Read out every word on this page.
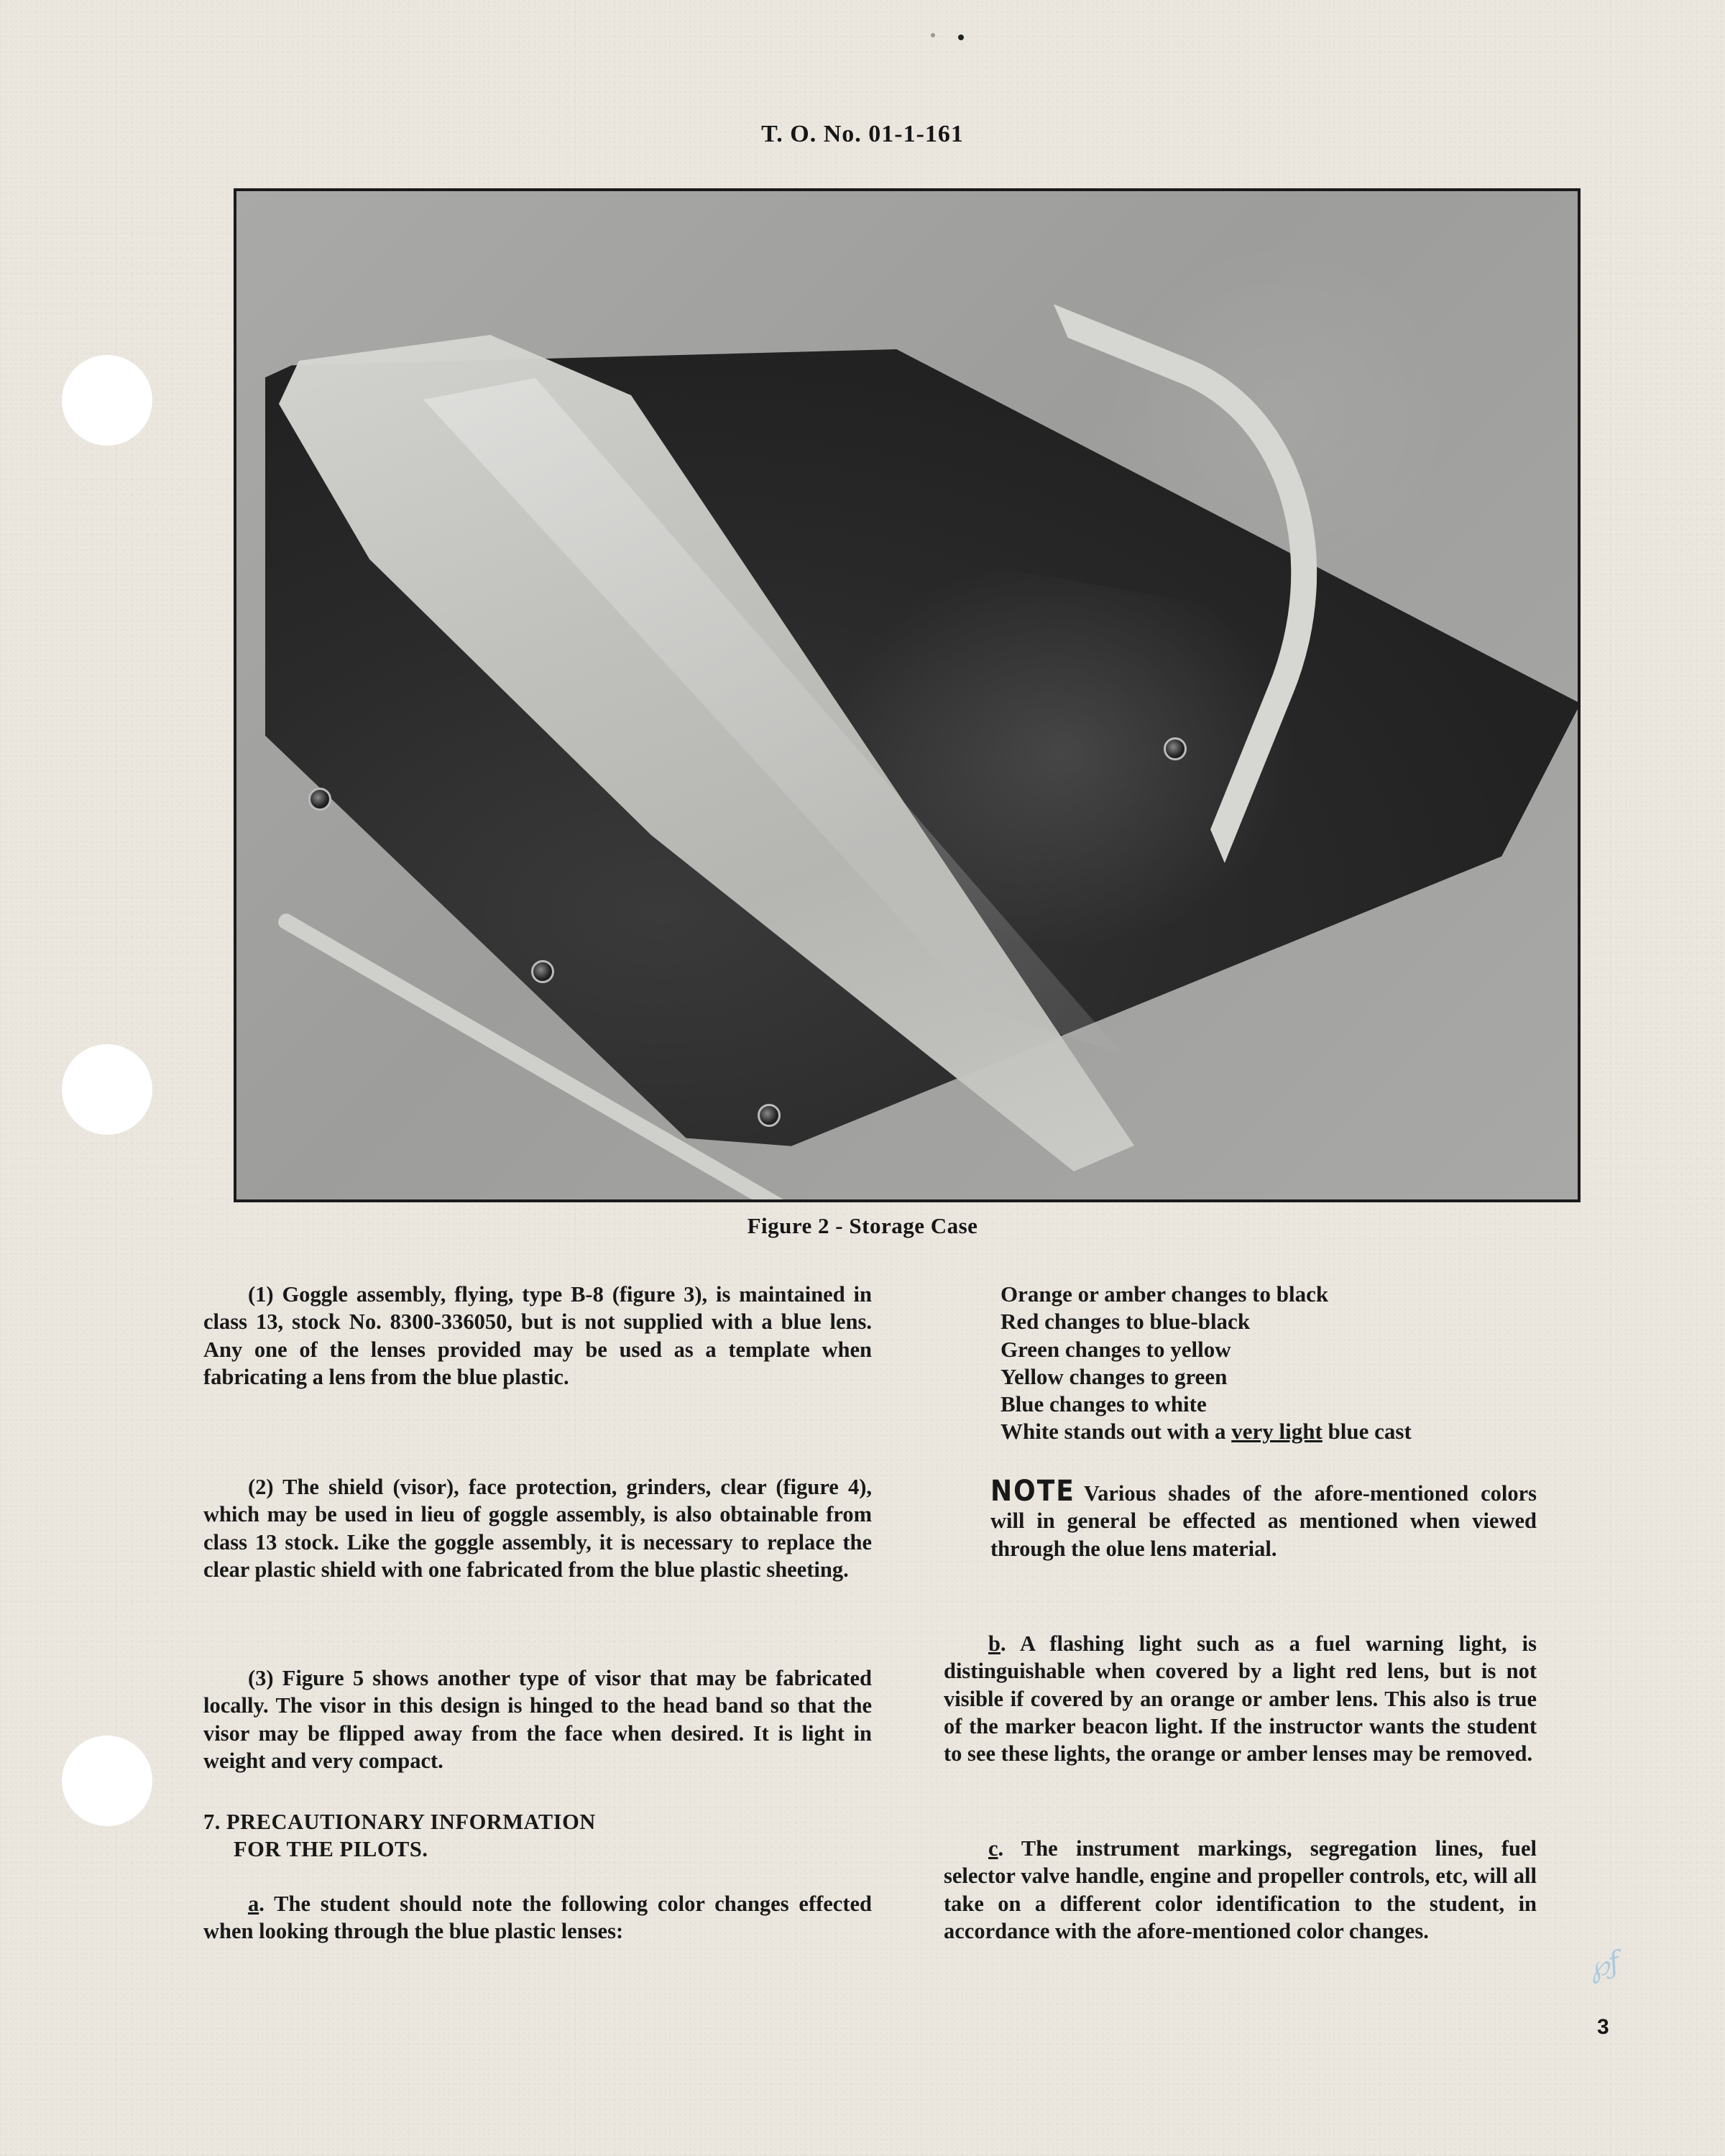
T. O. No. 01-1-161
Figure 2 - Storage Case

(1) Goggle assembly, flying, type B-8 (figure 3), is maintained in class 13, stock No. 8300-336050, but is not supplied with a blue lens. Any one of the lenses provided may be used as a template when fabricating a lens from the blue plastic.

(2) The shield (visor), face protection, grinders, clear (figure 4), which may be used in lieu of goggle assembly, is also obtainable from class 13 stock. Like the goggle assembly, it is necessary to replace the clear plastic shield with one fabricated from the blue plastic sheeting.

(3) Figure 5 shows another type of visor that may be fabricated locally. The visor in this design is hinged to the head band so that the visor may be flipped away from the face when desired. It is light in weight and very compact.

7. PRECAUTIONARY INFORMATION
FOR THE PILOTS.

a. The student should note the following color changes effected when looking through the blue plastic lenses:

Orange or amber changes to black
Red changes to blue-black
Green changes to yellow
Yellow changes to green
Blue changes to white
White stands out with a very light blue cast

NOTE Various shades of the afore-mentioned colors will in general be effected as mentioned when viewed through the olue lens material.

b. A flashing light such as a fuel warning light, is distinguishable when covered by a light red lens, but is not visible if covered by an orange or amber lens. This also is true of the marker beacon light. If the instructor wants the student to see these lights, the orange or amber lenses may be removed.

c. The instrument markings, segregation lines, fuel selector valve handle, engine and propeller controls, etc, will all take on a different color identification to the student, in accordance with the afore-mentioned color changes.

℘ƒ
3
